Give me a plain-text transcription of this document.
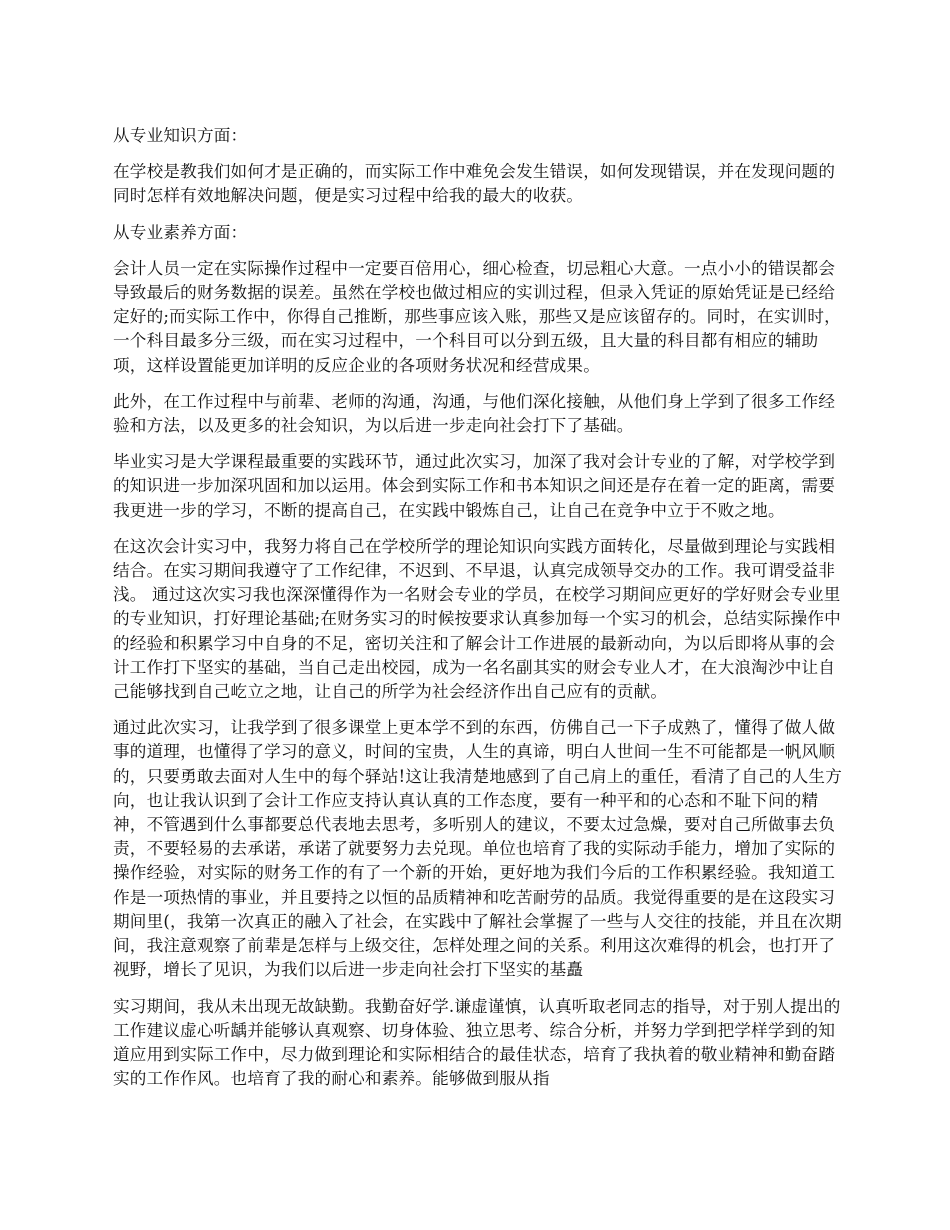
从专业知识方面：

在学校是教我们如何才是正确的，而实际工作中难免会发生错误，如何发现错误，并在发现问题的同时怎样有效地解决问题，便是实习过程中给我的最大的收获。

从专业素养方面：

会计人员一定在实际操作过程中一定要百倍用心，细心检查，切忌粗心大意。一点小小的错误都会导致最后的财务数据的误差。虽然在学校也做过相应的实训过程，但录入凭证的原始凭证是已经给定好的;而实际工作中，你得自己推断，那些事应该入账，那些又是应该留存的。同时，在实训时，一个科目最多分三级，而在实习过程中，一个科目可以分到五级，且大量的科目都有相应的辅助项，这样设置能更加详明的反应企业的各项财务状况和经营成果。

此外，在工作过程中与前辈、老师的沟通，沟通，与他们深化接触，从他们身上学到了很多工作经验和方法，以及更多的社会知识，为以后进一步走向社会打下了基础。

毕业实习是大学课程最重要的实践环节，通过此次实习，加深了我对会计专业的了解，对学校学到的知识进一步加深巩固和加以运用。体会到实际工作和书本知识之间还是存在着一定的距离，需要我更进一步的学习，不断的提高自己，在实践中锻炼自己，让自己在竞争中立于不败之地。

在这次会计实习中，我努力将自己在学校所学的理论知识向实践方面转化，尽量做到理论与实践相结合。在实习期间我遵守了工作纪律，不迟到、不早退，认真完成领导交办的工作。我可谓受益非浅。 通过这次实习我也深深懂得作为一名财会专业的学员，在校学习期间应更好的学好财会专业里的专业知识，打好理论基础;在财务实习的时候按要求认真参加每一个实习的机会，总结实际操作中的经验和积累学习中自身的不足，密切关注和了解会计工作进展的最新动向，为以后即将从事的会计工作打下坚实的基础，当自己走出校园，成为一名名副其实的财会专业人才，在大浪淘沙中让自己能够找到自己屹立之地，让自己的所学为社会经济作出自己应有的贡献。

通过此次实习，让我学到了很多课堂上更本学不到的东西，仿佛自己一下子成熟了，懂得了做人做事的道理，也懂得了学习的意义，时间的宝贵，人生的真谛，明白人世间一生不可能都是一帆风顺的，只要勇敢去面对人生中的每个驿站!这让我清楚地感到了自己肩上的重任，看清了自己的人生方向，也让我认识到了会计工作应支持认真认真的工作态度，要有一种平和的心态和不耻下问的精神，不管遇到什么事都要总代表地去思考，多听别人的建议，不要太过急燥，要对自己所做事去负责，不要轻易的去承诺，承诺了就要努力去兑现。单位也培育了我的实际动手能力，增加了实际的操作经验，对实际的财务工作的有了一个新的开始，更好地为我们今后的工作积累经验。我知道工作是一项热情的事业，并且要持之以恒的品质精神和吃苦耐劳的品质。我觉得重要的是在这段实习期间里(，我第一次真正的融入了社会，在实践中了解社会掌握了一些与人交往的技能，并且在次期间，我注意观察了前辈是怎样与上级交往，怎样处理之间的关系。利用这次难得的机会，也打开了视野，增长了见识，为我们以后进一步走向社会打下坚实的基矗

实习期间，我从未出现无故缺勤。我勤奋好学.谦虚谨慎，认真听取老同志的指导，对于别人提出的工作建议虚心听龋并能够认真观察、切身体验、独立思考、综合分析，并努力学到把学样学到的知道应用到实际工作中，尽力做到理论和实际相结合的最佳状态，培育了我执着的敬业精神和勤奋踏实的工作作风。也培育了我的耐心和素养。能够做到服从指
